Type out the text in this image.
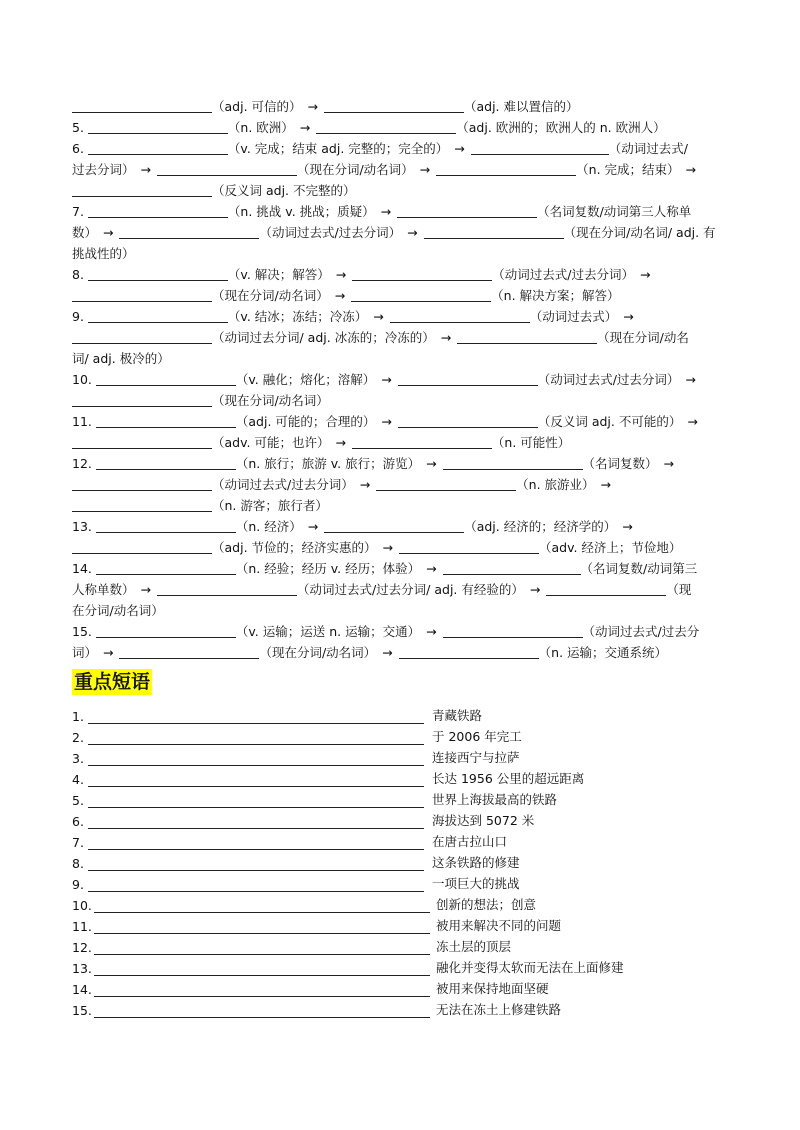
（adj. 可信的） →	（adj. 难以置信的）
5.	（n. 欧洲） →	（adj. 欧洲的；欧洲人的 n. 欧洲人）
6.	（v. 完成；结束 adj. 完整的；完全的） →	（动词过去式/
过去分词） →	（现在分词/动名词） →	（n. 完成；结束） →
（反义词 adj. 不完整的）
7.	（n. 挑战 v. 挑战；质疑） →	（名词复数/动词第三人称单
数） →	（动词过去式/过去分词） →	（现在分词/动名词/ adj. 有
挑战性的）
8.	（v. 解决；解答） →	（动词过去式/过去分词） →
（现在分词/动名词） →	（n. 解决方案；解答）
9.	（v. 结冰；冻结；冷冻） →	（动词过去式） →
（动词过去分词/ adj. 冰冻的；冷冻的） →	（现在分词/动名
词/ adj. 极冷的）
10.	（v. 融化；熔化；溶解） →	（动词过去式/过去分词） →
（现在分词/动名词）
11.	（adj. 可能的；合理的） →	（反义词 adj. 不可能的） →
（adv. 可能；也许） →	（n. 可能性）
12.	（n. 旅行；旅游 v. 旅行；游览） →	（名词复数） →
（动词过去式/过去分词） →	（n. 旅游业） →
（n. 游客；旅行者）
13.	（n. 经济） →	（adj. 经济的；经济学的） →
（adj. 节俭的；经济实惠的） →	（adv. 经济上；节俭地）
14.	（n. 经验；经历 v. 经历；体验） →	（名词复数/动词第三
人称单数） →	（动词过去式/过去分词/ adj. 有经验的） →	（现
在分词/动名词）
15.	（v. 运输；运送 n. 运输；交通） →	（动词过去式/过去分
词） →	（现在分词/动名词） →	（n. 运输；交通系统）
重点短语
1.	青藏铁路
2.	于 2006 年完工
3.	连接西宁与拉萨
4.	长达 1956 公里的超远距离
5.	世界上海拔最高的铁路
6.	海拔达到 5072 米
7.	在唐古拉山口
8.	这条铁路的修建
9.	一项巨大的挑战
10.	创新的想法；创意
11.	被用来解决不同的问题
12.	冻土层的顶层
13.	融化并变得太软而无法在上面修建
14.	被用来保持地面坚硬
15.	无法在冻土上修建铁路
